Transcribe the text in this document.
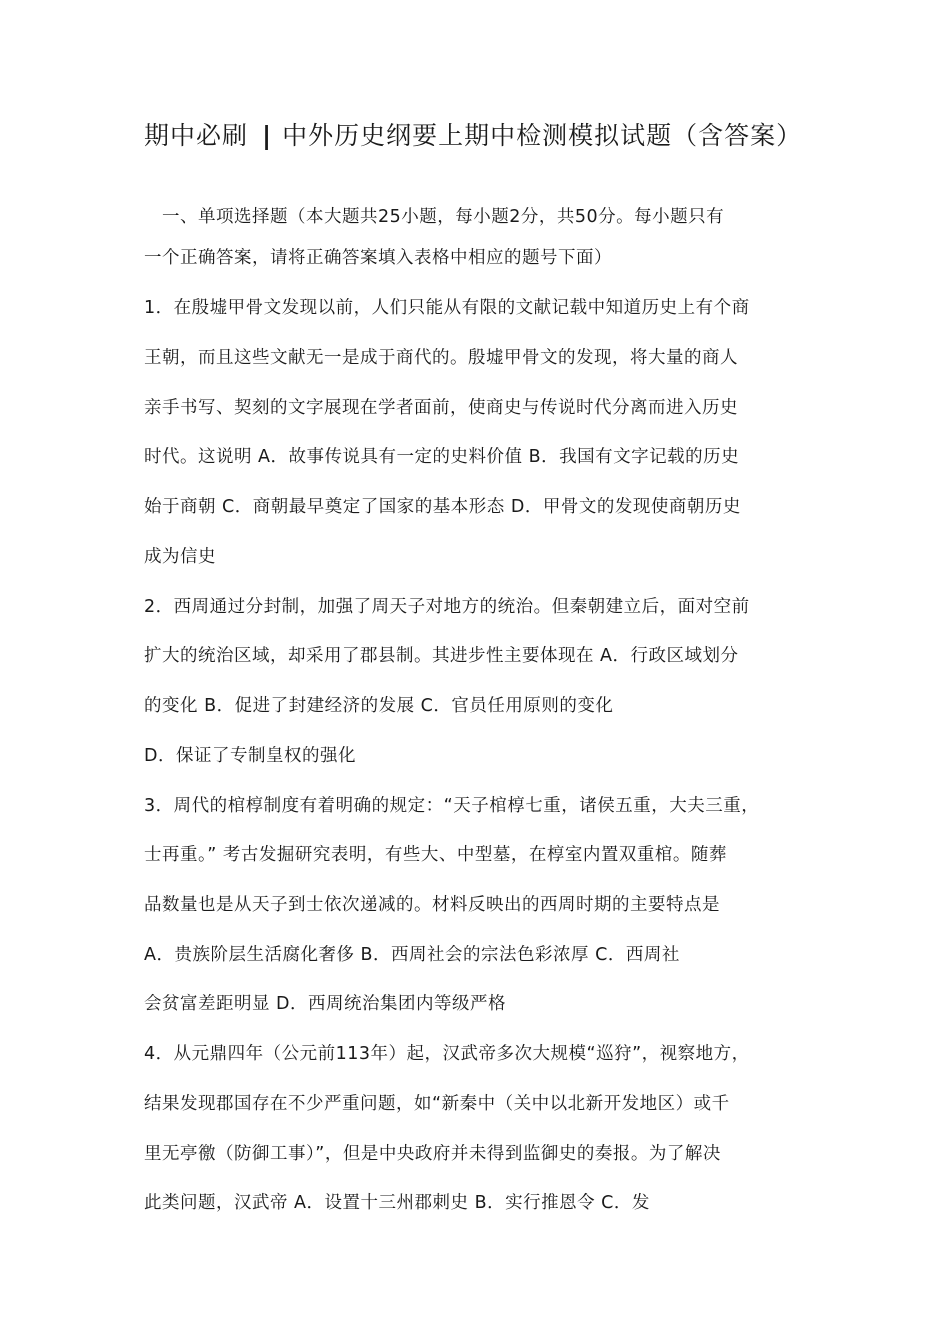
期中必刷 | 中外历史纲要上期中检测模拟试题（含答案）
　一、单项选择题（本大题共25小题，每小题2分，共50分。每小题只有
一个正确答案，请将正确答案填入表格中相应的题号下面）
1．在殷墟甲骨文发现以前，人们只能从有限的文献记载中知道历史上有个商
王朝，而且这些文献无一是成于商代的。殷墟甲骨文的发现，将大量的商人
亲手书写、契刻的文字展现在学者面前，使商史与传说时代分离而进入历史
时代。这说明 A．故事传说具有一定的史料价值 B．我国有文字记载的历史
始于商朝 C．商朝最早奠定了国家的基本形态 D．甲骨文的发现使商朝历史
成为信史
2．西周通过分封制，加强了周天子对地方的统治。但秦朝建立后，面对空前
扩大的统治区域，却采用了郡县制。其进步性主要体现在 A．行政区域划分
的变化 B．促进了封建经济的发展 C．官员任用原则的变化
D．保证了专制皇权的强化
3．周代的棺椁制度有着明确的规定：“天子棺椁七重，诸侯五重，大夫三重，
士再重。” 考古发掘研究表明，有些大、中型墓，在椁室内置双重棺。随葬
品数量也是从天子到士依次递减的。材料反映出的西周时期的主要特点是
A．贵族阶层生活腐化奢侈 B．西周社会的宗法色彩浓厚 C．西周社
会贫富差距明显 D．西周统治集团内等级严格
4．从元鼎四年（公元前113年）起，汉武帝多次大规模“巡狩”，视察地方，
结果发现郡国存在不少严重问题，如“新秦中（关中以北新开发地区）或千
里无亭徼（防御工事）”，但是中央政府并未得到监御史的奏报。为了解决
此类问题，汉武帝 A．设置十三州郡刺史 B．实行推恩令 C．发
